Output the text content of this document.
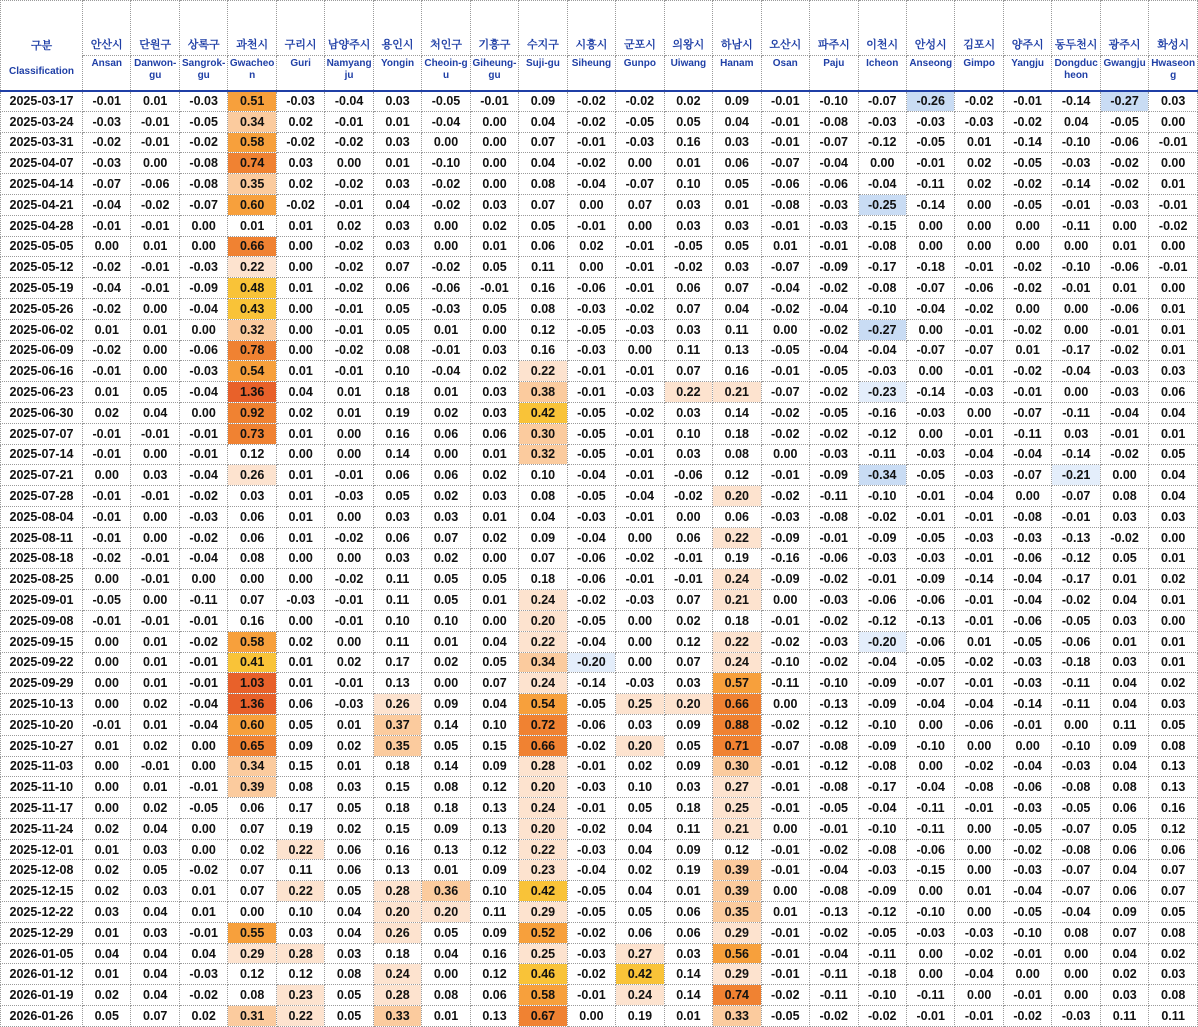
구분	안산시	단원구	상록구	과천시	구리시	남양주시	용인시	처인구	기흥구	수지구	시흥시	군포시	의왕시	하남시	오산시	파주시	이천시	안성시	김포시	양주시	동두천시	광주시	화성시
Classification	Ansan	Danwon-gu	Sangrok-gu	Gwacheon	Guri	Namyangju	Yongin	Cheoin-gu	Giheung-gu	Suji-gu	Siheung	Gunpo	Uiwang	Hanam	Osan	Paju	Icheon	Anseong	Gimpo	Yangju	Dongducheon	Gwangju	Hwaseong
2025-03-17	-0.01	0.01	-0.03	0.51	-0.03	-0.04	0.03	-0.05	-0.01	0.09	-0.02	-0.02	0.02	0.09	-0.01	-0.10	-0.07	-0.26	-0.02	-0.01	-0.14	-0.27	0.03
2025-03-24	-0.03	-0.01	-0.05	0.34	0.02	-0.01	0.01	-0.04	0.00	0.04	-0.02	-0.05	0.05	0.04	-0.01	-0.08	-0.03	-0.03	-0.03	-0.02	0.04	-0.05	0.00
2025-03-31	-0.02	-0.01	-0.02	0.58	-0.02	-0.02	0.03	0.00	0.00	0.07	-0.01	-0.03	0.16	0.03	-0.01	-0.07	-0.12	-0.05	0.01	-0.14	-0.10	-0.06	-0.01
2025-04-07	-0.03	0.00	-0.08	0.74	0.03	0.00	0.01	-0.10	0.00	0.04	-0.02	0.00	0.01	0.06	-0.07	-0.04	0.00	-0.01	0.02	-0.05	-0.03	-0.02	0.00
2025-04-14	-0.07	-0.06	-0.08	0.35	0.02	-0.02	0.03	-0.02	0.00	0.08	-0.04	-0.07	0.10	0.05	-0.06	-0.06	-0.04	-0.11	0.02	-0.02	-0.14	-0.02	0.01
2025-04-21	-0.04	-0.02	-0.07	0.60	-0.02	-0.01	0.04	-0.02	0.03	0.07	0.00	0.07	0.03	0.01	-0.08	-0.03	-0.25	-0.14	0.00	-0.05	-0.01	-0.03	-0.01
2025-04-28	-0.01	-0.01	0.00	0.01	0.01	0.02	0.03	0.00	0.02	0.05	-0.01	0.00	0.03	0.03	-0.01	-0.03	-0.15	0.00	0.00	0.00	-0.11	0.00	-0.02
2025-05-05	0.00	0.01	0.00	0.66	0.00	-0.02	0.03	0.00	0.01	0.06	0.02	-0.01	-0.05	0.05	0.01	-0.01	-0.08	0.00	0.00	0.00	0.00	0.01	0.00
2025-05-12	-0.02	-0.01	-0.03	0.22	0.00	-0.02	0.07	-0.02	0.05	0.11	0.00	-0.01	-0.02	0.03	-0.07	-0.09	-0.17	-0.18	-0.01	-0.02	-0.10	-0.06	-0.01
2025-05-19	-0.04	-0.01	-0.09	0.48	0.01	-0.02	0.06	-0.06	-0.01	0.16	-0.06	-0.01	0.06	0.07	-0.04	-0.02	-0.08	-0.07	-0.06	-0.02	-0.01	0.01	0.00
2025-05-26	-0.02	0.00	-0.04	0.43	0.00	-0.01	0.05	-0.03	0.05	0.08	-0.03	-0.02	0.07	0.04	-0.02	-0.04	-0.10	-0.04	-0.02	0.00	0.00	-0.06	0.01
2025-06-02	0.01	0.01	0.00	0.32	0.00	-0.01	0.05	0.01	0.00	0.12	-0.05	-0.03	0.03	0.11	0.00	-0.02	-0.27	0.00	-0.01	-0.02	0.00	-0.01	0.01
2025-06-09	-0.02	0.00	-0.06	0.78	0.00	-0.02	0.08	-0.01	0.03	0.16	-0.03	0.00	0.11	0.13	-0.05	-0.04	-0.04	-0.07	-0.07	0.01	-0.17	-0.02	0.01
2025-06-16	-0.01	0.00	-0.03	0.54	0.01	-0.01	0.10	-0.04	0.02	0.22	-0.01	-0.01	0.07	0.16	-0.01	-0.05	-0.03	0.00	-0.01	-0.02	-0.04	-0.03	0.03
2025-06-23	0.01	0.05	-0.04	1.36	0.04	0.01	0.18	0.01	0.03	0.38	-0.01	-0.03	0.22	0.21	-0.07	-0.02	-0.23	-0.14	-0.03	-0.01	0.00	-0.03	0.06
2025-06-30	0.02	0.04	0.00	0.92	0.02	0.01	0.19	0.02	0.03	0.42	-0.05	-0.02	0.03	0.14	-0.02	-0.05	-0.16	-0.03	0.00	-0.07	-0.11	-0.04	0.04
2025-07-07	-0.01	-0.01	-0.01	0.73	0.01	0.00	0.16	0.06	0.06	0.30	-0.05	-0.01	0.10	0.18	-0.02	-0.02	-0.12	0.00	-0.01	-0.11	0.03	-0.01	0.01
2025-07-14	-0.01	0.00	-0.01	0.12	0.00	0.00	0.14	0.00	0.01	0.32	-0.05	-0.01	0.03	0.08	0.00	-0.03	-0.11	-0.03	-0.04	-0.04	-0.14	-0.02	0.05
2025-07-21	0.00	0.03	-0.04	0.26	0.01	-0.01	0.06	0.06	0.02	0.10	-0.04	-0.01	-0.06	0.12	-0.01	-0.09	-0.34	-0.05	-0.03	-0.07	-0.21	0.00	0.04
2025-07-28	-0.01	-0.01	-0.02	0.03	0.01	-0.03	0.05	0.02	0.03	0.08	-0.05	-0.04	-0.02	0.20	-0.02	-0.11	-0.10	-0.01	-0.04	0.00	-0.07	0.08	0.04
2025-08-04	-0.01	0.00	-0.03	0.06	0.01	0.00	0.03	0.03	0.01	0.04	-0.03	-0.01	0.00	0.06	-0.03	-0.08	-0.02	-0.01	-0.01	-0.08	-0.01	0.03	0.03
2025-08-11	-0.01	0.00	-0.02	0.06	0.01	-0.02	0.06	0.07	0.02	0.09	-0.04	0.00	0.06	0.22	-0.09	-0.01	-0.09	-0.05	-0.03	-0.03	-0.13	-0.02	0.00
2025-08-18	-0.02	-0.01	-0.04	0.08	0.00	0.00	0.03	0.02	0.00	0.07	-0.06	-0.02	-0.01	0.19	-0.16	-0.06	-0.03	-0.03	-0.01	-0.06	-0.12	0.05	0.01
2025-08-25	0.00	-0.01	0.00	0.00	0.00	-0.02	0.11	0.05	0.05	0.18	-0.06	-0.01	-0.01	0.24	-0.09	-0.02	-0.01	-0.09	-0.14	-0.04	-0.17	0.01	0.02
2025-09-01	-0.05	0.00	-0.11	0.07	-0.03	-0.01	0.11	0.05	0.01	0.24	-0.02	-0.03	0.07	0.21	0.00	-0.03	-0.06	-0.06	-0.01	-0.04	-0.02	0.04	0.01
2025-09-08	-0.01	-0.01	-0.01	0.16	0.00	-0.01	0.10	0.10	0.00	0.20	-0.05	0.00	0.02	0.18	-0.01	-0.02	-0.12	-0.13	-0.01	-0.06	-0.05	0.03	0.00
2025-09-15	0.00	0.01	-0.02	0.58	0.02	0.00	0.11	0.01	0.04	0.22	-0.04	0.00	0.12	0.22	-0.02	-0.03	-0.20	-0.06	0.01	-0.05	-0.06	0.01	0.01
2025-09-22	0.00	0.01	-0.01	0.41	0.01	0.02	0.17	0.02	0.05	0.34	-0.20	0.00	0.07	0.24	-0.10	-0.02	-0.04	-0.05	-0.02	-0.03	-0.18	0.03	0.01
2025-09-29	0.00	0.01	-0.01	1.03	0.01	-0.01	0.13	0.00	0.07	0.24	-0.14	-0.03	0.03	0.57	-0.11	-0.10	-0.09	-0.07	-0.01	-0.03	-0.11	0.04	0.02
2025-10-13	0.00	0.02	-0.04	1.36	0.06	-0.03	0.26	0.09	0.04	0.54	-0.05	0.25	0.20	0.66	0.00	-0.13	-0.09	-0.04	-0.04	-0.14	-0.11	0.04	0.03
2025-10-20	-0.01	0.01	-0.04	0.60	0.05	0.01	0.37	0.14	0.10	0.72	-0.06	0.03	0.09	0.88	-0.02	-0.12	-0.10	0.00	-0.06	-0.01	0.00	0.11	0.05
2025-10-27	0.01	0.02	0.00	0.65	0.09	0.02	0.35	0.05	0.15	0.66	-0.02	0.20	0.05	0.71	-0.07	-0.08	-0.09	-0.10	0.00	0.00	-0.10	0.09	0.08
2025-11-03	0.00	-0.01	0.00	0.34	0.15	0.01	0.18	0.14	0.09	0.28	-0.01	0.02	0.09	0.30	-0.01	-0.12	-0.08	0.00	-0.02	-0.04	-0.03	0.04	0.13
2025-11-10	0.00	0.01	-0.01	0.39	0.08	0.03	0.15	0.08	0.12	0.20	-0.03	0.10	0.03	0.27	-0.01	-0.08	-0.17	-0.04	-0.08	-0.06	-0.08	0.08	0.13
2025-11-17	0.00	0.02	-0.05	0.06	0.17	0.05	0.18	0.18	0.13	0.24	-0.01	0.05	0.18	0.25	-0.01	-0.05	-0.04	-0.11	-0.01	-0.03	-0.05	0.06	0.16
2025-11-24	0.02	0.04	0.00	0.07	0.19	0.02	0.15	0.09	0.13	0.20	-0.02	0.04	0.11	0.21	0.00	-0.01	-0.10	-0.11	0.00	-0.05	-0.07	0.05	0.12
2025-12-01	0.01	0.03	0.00	0.02	0.22	0.06	0.16	0.13	0.12	0.22	-0.03	0.04	0.09	0.12	-0.01	-0.02	-0.08	-0.06	0.00	-0.02	-0.08	0.06	0.06
2025-12-08	0.02	0.05	-0.02	0.07	0.11	0.06	0.13	0.01	0.09	0.23	-0.04	0.02	0.19	0.39	-0.01	-0.04	-0.03	-0.15	0.00	-0.03	-0.07	0.04	0.07
2025-12-15	0.02	0.03	0.01	0.07	0.22	0.05	0.28	0.36	0.10	0.42	-0.05	0.04	0.01	0.39	0.00	-0.08	-0.09	0.00	0.01	-0.04	-0.07	0.06	0.07
2025-12-22	0.03	0.04	0.01	0.00	0.10	0.04	0.20	0.20	0.11	0.29	-0.05	0.05	0.06	0.35	0.01	-0.13	-0.12	-0.10	0.00	-0.05	-0.04	0.09	0.05
2025-12-29	0.01	0.03	-0.01	0.55	0.03	0.04	0.26	0.05	0.09	0.52	-0.02	0.06	0.06	0.29	-0.01	-0.02	-0.05	-0.03	-0.03	-0.10	0.08	0.07	0.08
2026-01-05	0.04	0.04	0.04	0.29	0.28	0.03	0.18	0.04	0.16	0.25	-0.03	0.27	0.03	0.56	-0.01	-0.04	-0.11	0.00	-0.02	-0.01	0.00	0.04	0.02
2026-01-12	0.01	0.04	-0.03	0.12	0.12	0.08	0.24	0.00	0.12	0.46	-0.02	0.42	0.14	0.29	-0.01	-0.11	-0.18	0.00	-0.04	0.00	0.00	0.02	0.03
2026-01-19	0.02	0.04	-0.02	0.08	0.23	0.05	0.28	0.08	0.06	0.58	-0.01	0.24	0.14	0.74	-0.02	-0.11	-0.10	-0.11	0.00	-0.01	0.00	0.03	0.08
2026-01-26	0.05	0.07	0.02	0.31	0.22	0.05	0.33	0.01	0.13	0.67	0.00	0.19	0.01	0.33	-0.05	-0.02	-0.02	-0.01	-0.01	-0.02	-0.03	0.11	0.11
